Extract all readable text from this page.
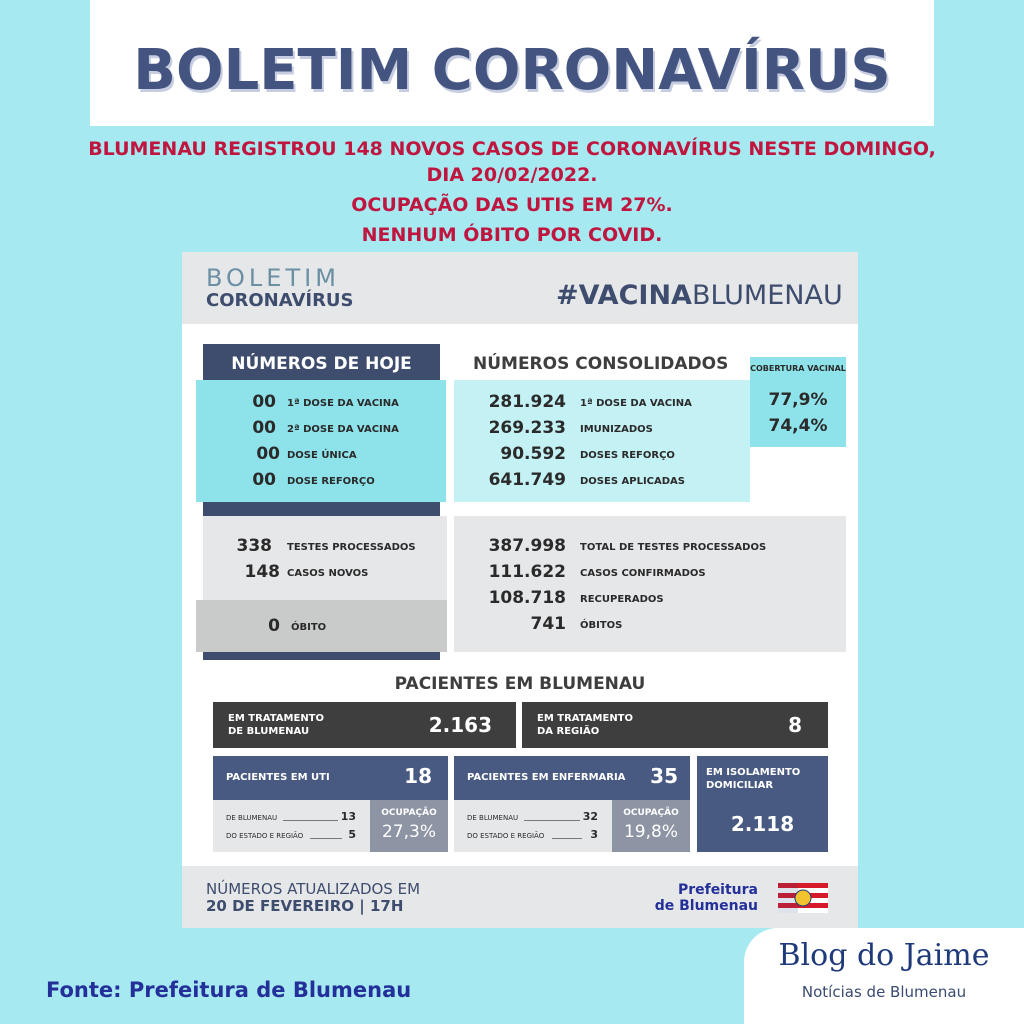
BOLETIM CORONAVÍRUS
BLUMENAU REGISTROU 148 NOVOS CASOS DE CORONAVÍRUS NESTE DOMINGO,
DIA 20/02/2022.
OCUPAÇÃO DAS UTIS EM 27%.
NENHUM ÓBITO POR COVID.
BOLETIM
CORONAVÍRUS	#VACINABLUMENAU
NÚMEROS DE HOJE
00 1ª DOSE DA VACINA
00 2ª DOSE DA VACINA
00 DOSE ÚNICA
00 DOSE REFORÇO
NÚMEROS CONSOLIDADOS	COBERTURA VACINAL
77,9%
74,4%
281.924 1ª DOSE DA VACINA
269.233 IMUNIZADOS
90.592 DOSES REFORÇO
641.749 DOSES APLICADAS
338 TESTES PROCESSADOS
148 CASOS NOVOS
0 ÓBITO
387.998 TOTAL DE TESTES PROCESSADOS
111.622 CASOS CONFIRMADOS
108.718 RECUPERADOS
741 ÓBITOS
PACIENTES EM BLUMENAU
EM TRATAMENTO
DE BLUMENAU	2.163	EM TRATAMENTO
DA REGIÃO	8
PACIENTES EM UTI	18
DE BLUMENAU	13
DO ESTADO E REGIÃO	5
OCUPAÇÃO
27,3%
PACIENTES EM ENFERMARIA	35
DE BLUMENAU	32
DO ESTADO E REGIÃO	3
OCUPAÇÃO
19,8%
EM ISOLAMENTO
DOMICILIAR
2.118
NÚMEROS ATUALIZADOS EM
20 DE FEVEREIRO | 17H
Prefeitura
de Blumenau
Fonte: Prefeitura de Blumenau
Blog do Jaime
Notícias de Blumenau
